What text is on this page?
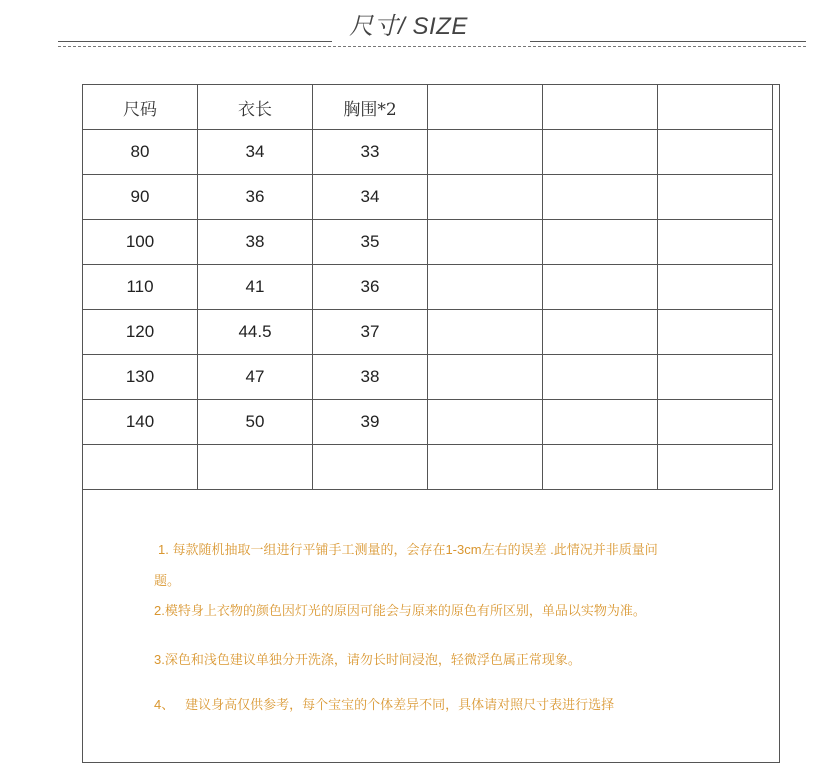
尺寸/ SIZE
尺码	衣长	胸围*2			
80	34	33			
90	36	34			
100	38	35			
110	41	36			
120	44.5	37			
130	47	38			
140	50	39			

1. 每款随机抽取一组进行平铺手工测量的，会存在1-3cm左右的误差 .此情况并非质量问
题。
2.模特身上衣物的颜色因灯光的原因可能会与原来的原色有所区别，单品以实物为准。
3.深色和浅色建议单独分开洗涤，请勿长时间浸泡，轻微浮色属正常现象。
4、   建议身高仅供参考，每个宝宝的个体差异不同，具体请对照尺寸表进行选择
